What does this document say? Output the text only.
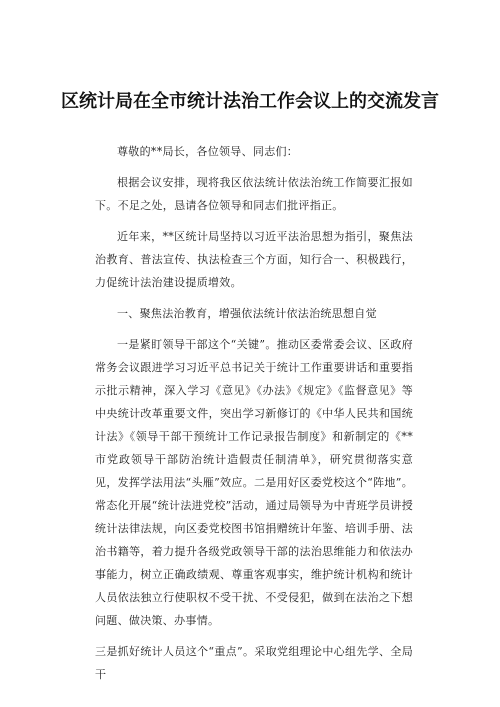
区统计局在全市统计法治工作会议上的交流发言

尊敬的**局长，各位领导、同志们：

根据会议安排，现将我区依法统计依法治统工作简要汇报如下。不足之处，恳请各位领导和同志们批评指正。

近年来，**区统计局坚持以习近平法治思想为指引，聚焦法治教育、普法宣传、执法检查三个方面，知行合一、积极践行，力促统计法治建设提质增效。

一、聚焦法治教育，增强依法统计依法治统思想自觉

一是紧盯领导干部这个“关键”。推动区委常委会议、区政府常务会议跟进学习习近平总书记关于统计工作重要讲话和重要指示批示精神，深入学习《意见》《办法》《规定》《监督意见》等中央统计改革重要文件，突出学习新修订的《中华人民共和国统计法》《领导干部干预统计工作记录报告制度》和新制定的《**市党政领导干部防治统计造假责任制清单》，研究贯彻落实意见，发挥学法用法“头雁”效应。二是用好区委党校这个“阵地”。常态化开展“统计法进党校”活动，通过局领导为中青班学员讲授统计法律法规，向区委党校图书馆捐赠统计年鉴、培训手册、法治书籍等，着力提升各级党政领导干部的法治思维能力和依法办事能力，树立正确政绩观、尊重客观事实，维护统计机构和统计人员依法独立行使职权不受干扰、不受侵犯，做到在法治之下想问题、做决策、办事情。

三是抓好统计人员这个“重点”。采取党组理论中心组先学、全局干
